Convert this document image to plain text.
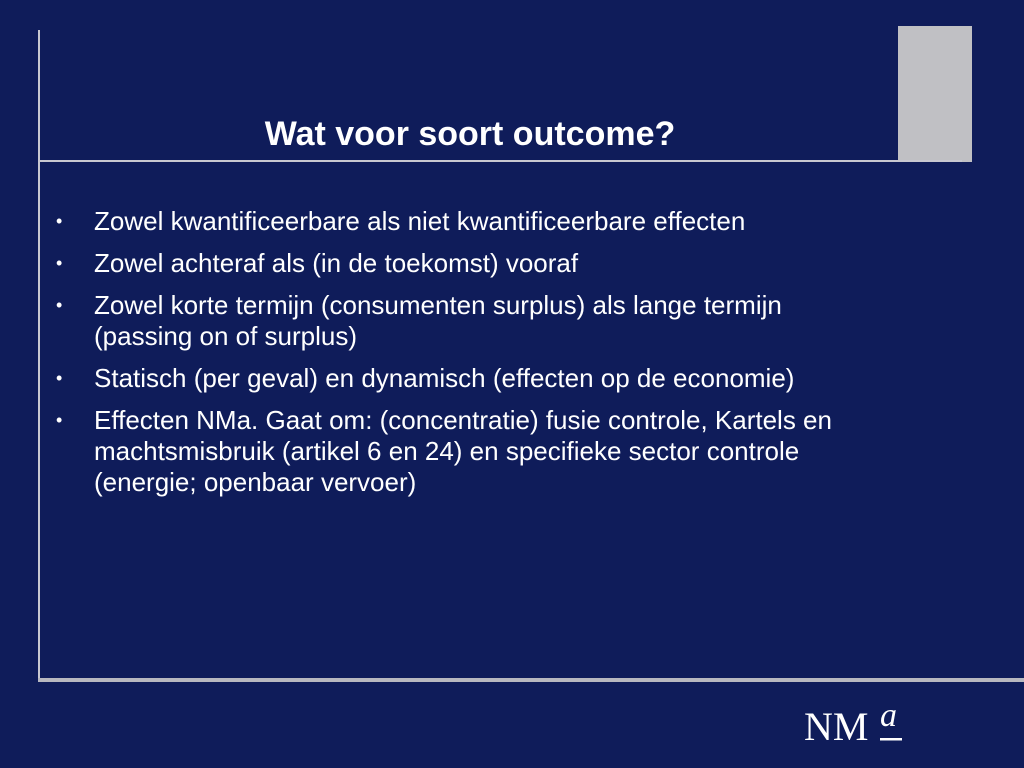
Wat voor soort outcome?
• Zowel kwantificeerbare als niet kwantificeerbare effecten
• Zowel achteraf als (in de toekomst) vooraf
• Zowel korte termijn (consumenten surplus) als lange termijn (passing on of surplus)
• Statisch (per geval) en dynamisch (effecten op de economie)
• Effecten NMa. Gaat om: (concentratie) fusie controle, Kartels en machtsmisbruik (artikel 6 en 24) en specifieke sector controle (energie; openbaar vervoer)
NM a
